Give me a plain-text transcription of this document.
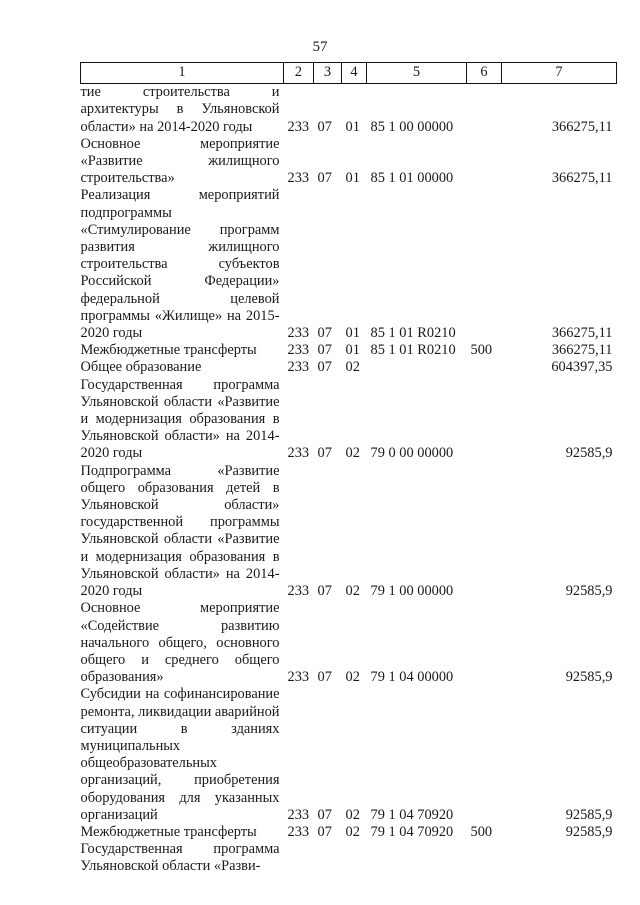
57
1	2	3	4	5	6	7
тие строительства и архитектуры в Ульяновской области» на 2014-2020 годы	233	07	01	85 1 00 00000		366275,11
Основное мероприятие «Развитие жилищного строительства»	233	07	01	85 1 01 00000		366275,11
Реализация мероприятий подпрограммы «Стимулирование программ развития жилищного строительства субъектов Российской Федерации» федеральной целевой программы «Жилище» на 2015-2020 годы	233	07	01	85 1 01 R0210		366275,11
Межбюджетные трансферты	233	07	01	85 1 01 R0210	500	366275,11
Общее образование	233	07	02			604397,35
Государственная программа Ульяновской области «Развитие и модернизация образования в Ульяновской области» на 2014-2020 годы	233	07	02	79 0 00 00000		92585,9
Подпрограмма «Развитие общего образования детей в Ульяновской области» государственной программы Ульяновской области «Развитие и модернизация образования в Ульяновской области» на 2014-2020 годы	233	07	02	79 1 00 00000		92585,9
Основное мероприятие «Содействие развитию начального общего, основного общего и среднего общего образования»	233	07	02	79 1 04 00000		92585,9
Субсидии на софинансирование ремонта, ликвидации аварийной ситуации в зданиях муниципальных общеобразовательных организаций, приобретения оборудования для указанных организаций	233	07	02	79 1 04 70920		92585,9
Межбюджетные трансферты	233	07	02	79 1 04 70920	500	92585,9
Государственная программа Ульяновской области «Разви-						
